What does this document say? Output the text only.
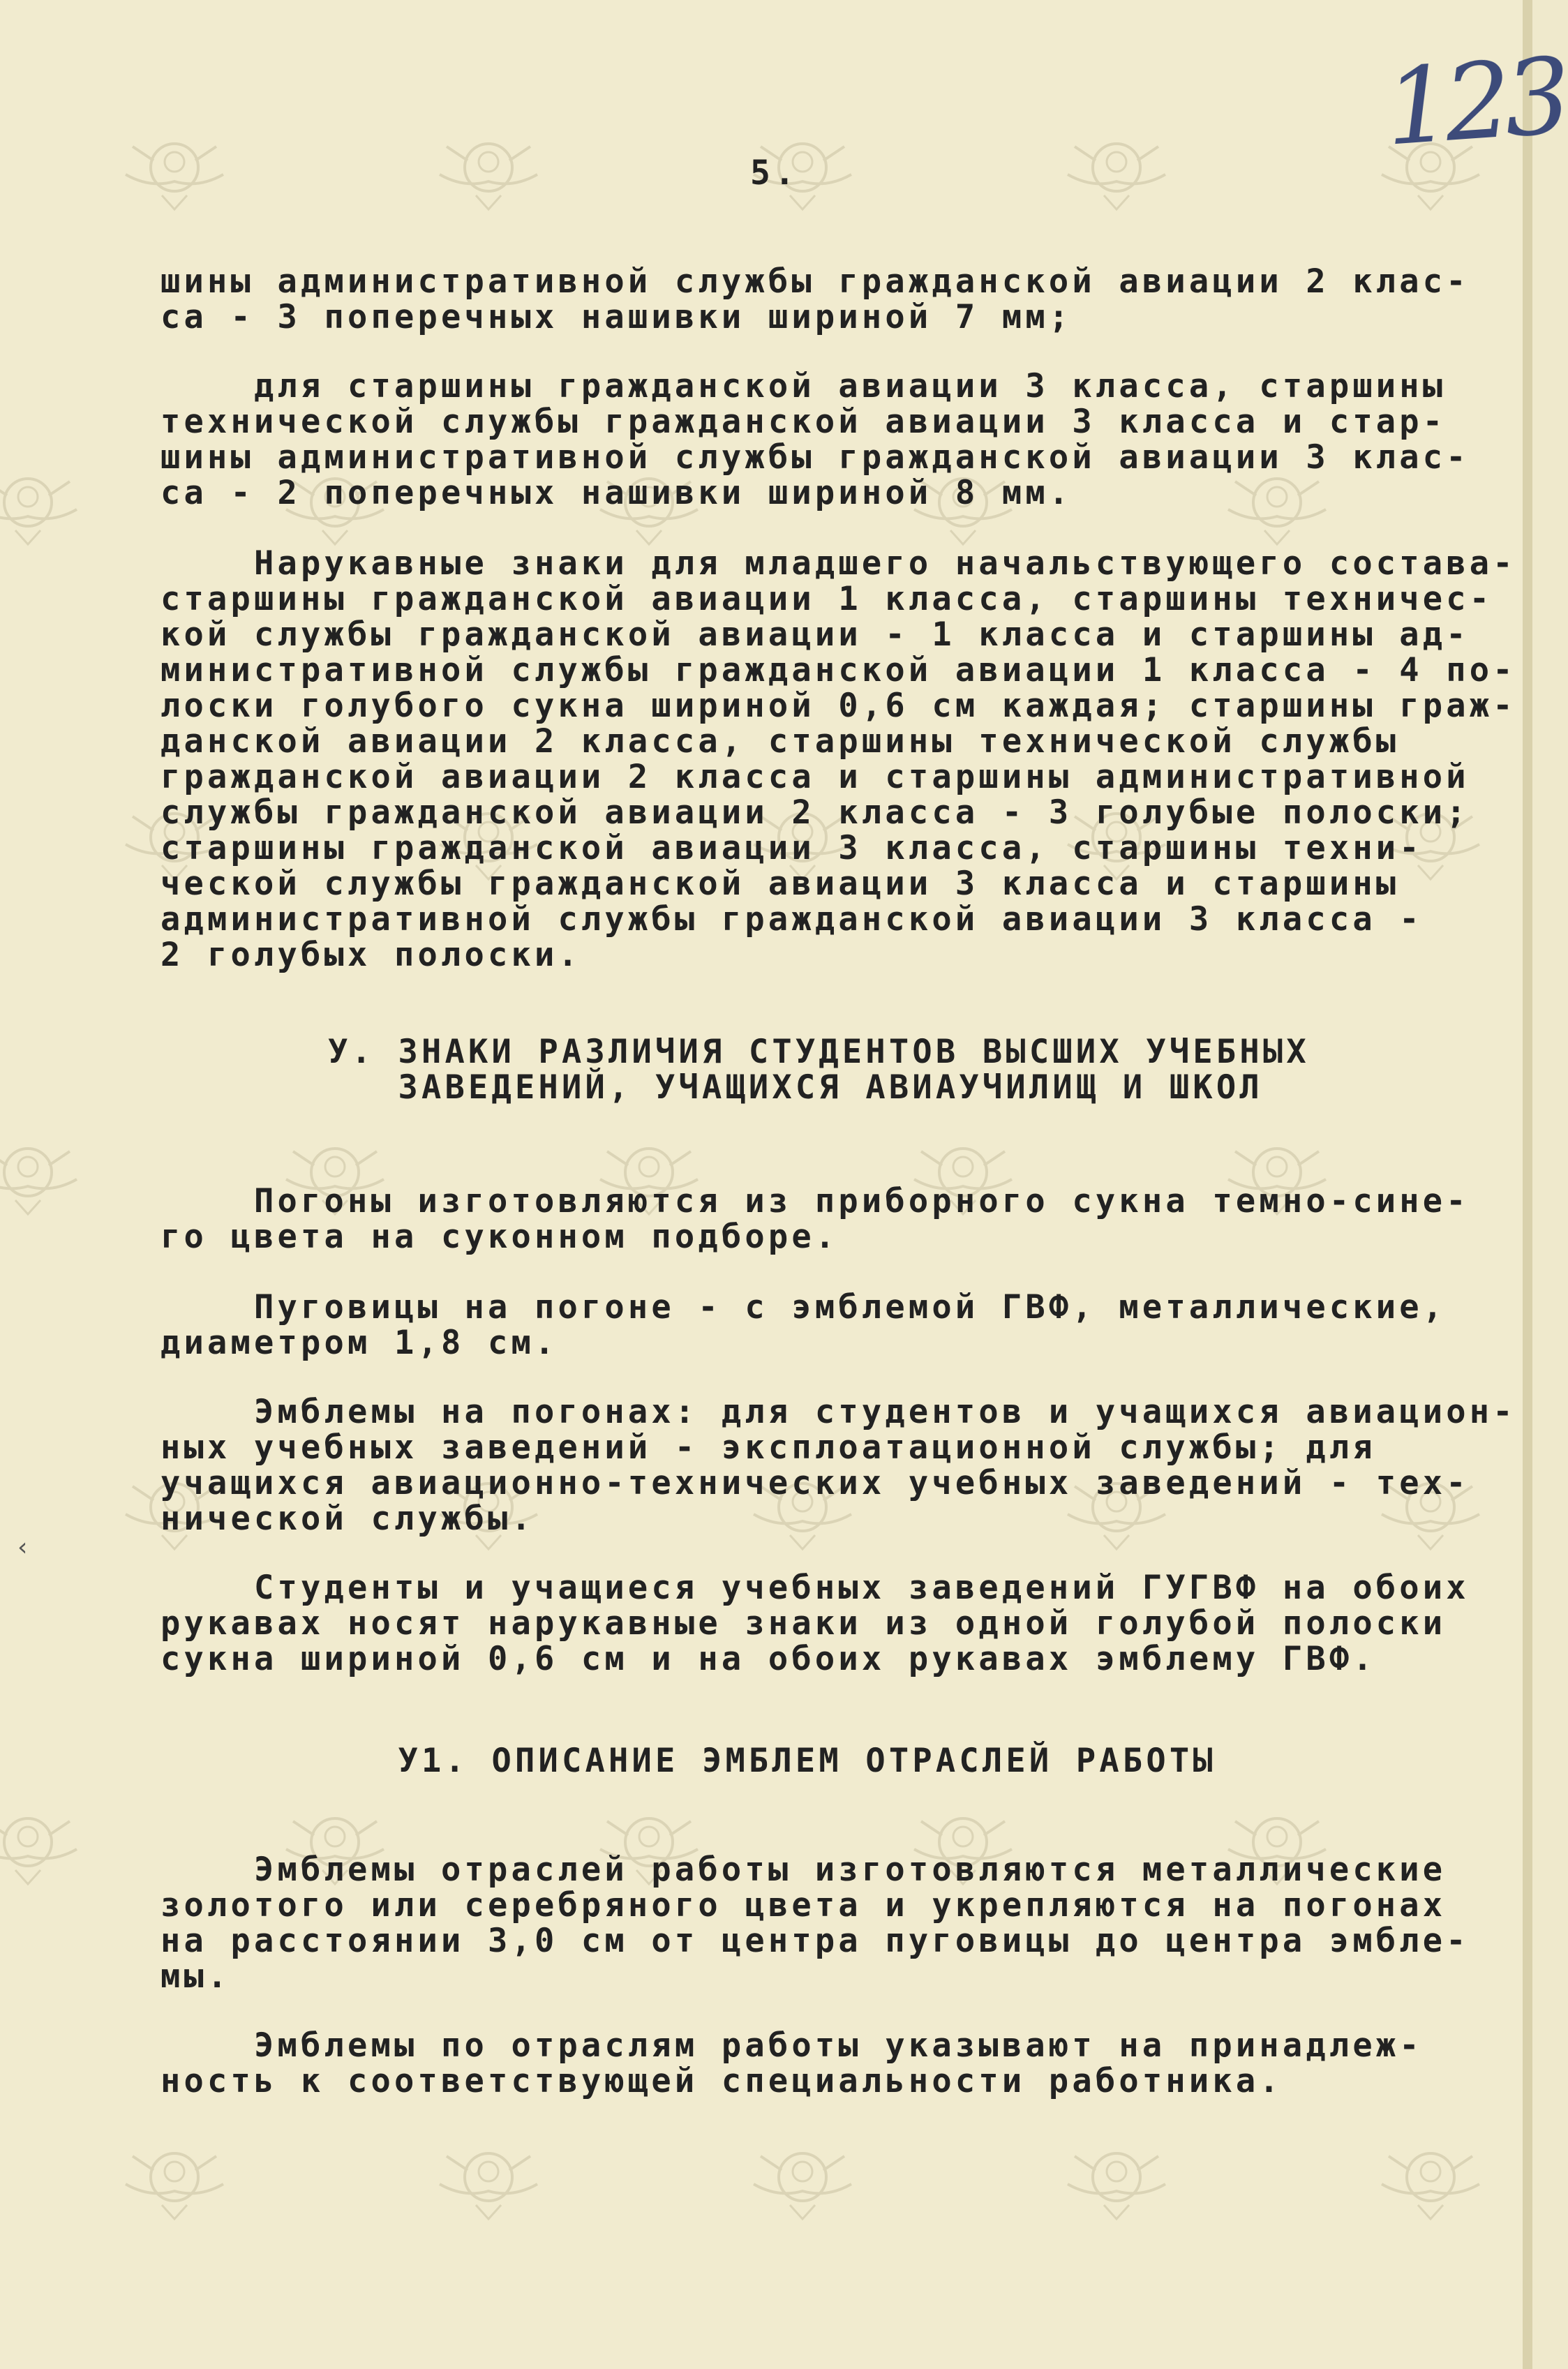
5.
123
‹
шины административной службы гражданской авиации 2 клас-
са - 3 поперечных нашивки шириной 7 мм;
для старшины гражданской авиации 3 класса, старшины
технической службы гражданской авиации 3 класса и стар-
шины административной службы гражданской авиации 3 клас-
са - 2 поперечных нашивки шириной 8 мм.
Нарукавные знаки для младшего начальствующего состава-
старшины гражданской авиации 1 класса, старшины техничес-
кой службы гражданской авиации - 1 класса и старшины ад-
министративной службы гражданской авиации 1 класса - 4 по-
лоски голубого сукна шириной 0,6 см каждая; старшины граж-
данской авиации 2 класса, старшины технической службы
гражданской авиации 2 класса и старшины административной
службы гражданской авиации 2 класса - 3 голубые полоски;
старшины гражданской авиации 3 класса, старшины техни-
ческой службы гражданской авиации 3 класса и старшины
административной службы гражданской авиации 3 класса -
2 голубых полоски.
У. ЗНАКИ РАЗЛИЧИЯ СТУДЕНТОВ ВЫСШИХ УЧЕБНЫХ
ЗАВЕДЕНИЙ, УЧАЩИХСЯ АВИАУЧИЛИЩ И ШКОЛ
Погоны изготовляются из приборного сукна темно-сине-
го цвета на суконном подборе.
Пуговицы на погоне - с эмблемой ГВФ, металлические,
диаметром 1,8 см.
Эмблемы на погонах: для студентов и учащихся авиацион-
ных учебных заведений - эксплоатационной службы; для
учащихся авиационно-технических учебных заведений - тех-
нической службы.
Студенты и учащиеся учебных заведений ГУГВФ на обоих
рукавах носят нарукавные знаки из одной голубой полоски
сукна шириной 0,6 см и на обоих рукавах эмблему ГВФ.
У1. ОПИСАНИЕ ЭМБЛЕМ ОТРАСЛЕЙ РАБОТЫ
Эмблемы отраслей работы изготовляются металлические
золотого или серебряного цвета и укрепляются на погонах
на расстоянии 3,0 см от центра пуговицы до центра эмбле-
мы.
Эмблемы по отраслям работы указывают на принадлеж-
ность к соответствующей специальности работника.
